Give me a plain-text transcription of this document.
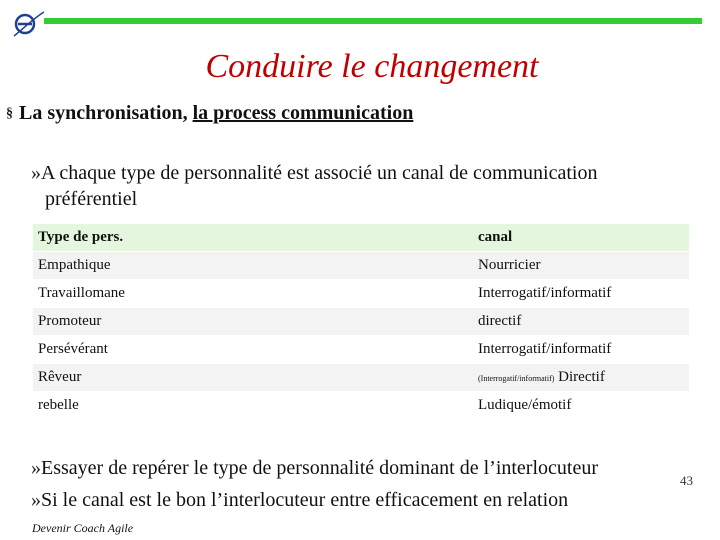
Conduire le changement
§ La synchronisation, la process communication
»A chaque type de personnalité est associé un canal de communication
préférentiel
Type de pers.		canal
Empathique		Nourricier
Travaillomane		Interrogatif/informatif
Promoteur		directif
Persévérant		Interrogatif/informatif
Rêveur		(Interrogatif/informatif) Directif
rebelle		Ludique/émotif
»Essayer de repérer le type de personnalité dominant de l’interlocuteur
»Si le canal est le bon l’interlocuteur entre efficacement en relation
43
Devenir Coach Agile
